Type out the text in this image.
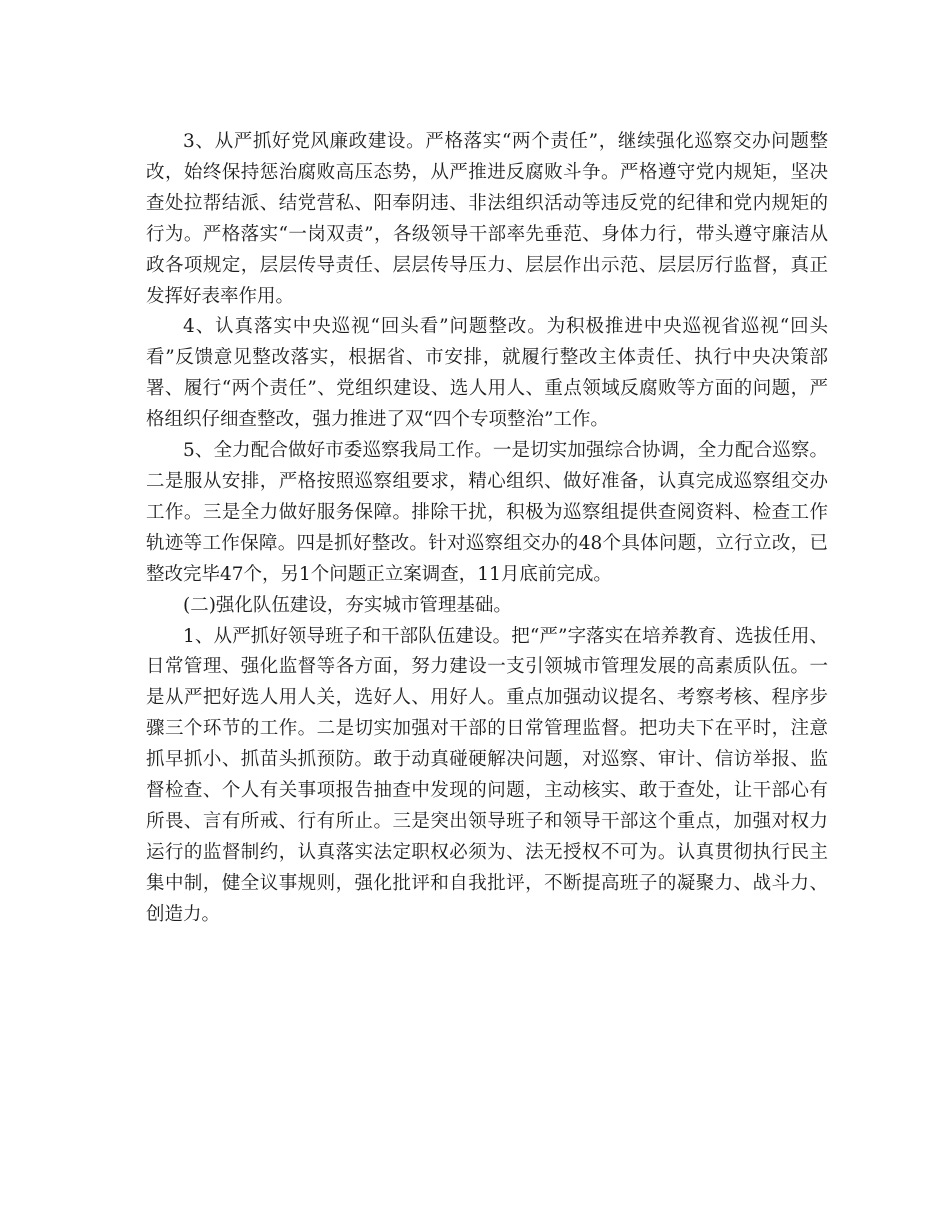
3、从严抓好党风廉政建设。严格落实“两个责任”，继续强化巡察交办问题整改，始终保持惩治腐败高压态势，从严推进反腐败斗争。严格遵守党内规矩，坚决查处拉帮结派、结党营私、阳奉阴违、非法组织活动等违反党的纪律和党内规矩的行为。严格落实“一岗双责”，各级领导干部率先垂范、身体力行，带头遵守廉洁从政各项规定，层层传导责任、层层传导压力、层层作出示范、层层厉行监督，真正发挥好表率作用。

4、认真落实中央巡视“回头看”问题整改。为积极推进中央巡视省巡视“回头看”反馈意见整改落实，根据省、市安排，就履行整改主体责任、执行中央决策部署、履行“两个责任”、党组织建设、选人用人、重点领域反腐败等方面的问题，严格组织仔细查整改，强力推进了双“四个专项整治”工作。

5、全力配合做好市委巡察我局工作。一是切实加强综合协调，全力配合巡察。二是服从安排，严格按照巡察组要求，精心组织、做好准备，认真完成巡察组交办工作。三是全力做好服务保障。排除干扰，积极为巡察组提供查阅资料、检查工作轨迹等工作保障。四是抓好整改。针对巡察组交办的48个具体问题，立行立改，已整改完毕47个，另1个问题正立案调查，11月底前完成。

(二)强化队伍建设，夯实城市管理基础。

1、从严抓好领导班子和干部队伍建设。把“严”字落实在培养教育、选拔任用、日常管理、强化监督等各方面，努力建设一支引领城市管理发展的高素质队伍。一是从严把好选人用人关，选好人、用好人。重点加强动议提名、考察考核、程序步骤三个环节的工作。二是切实加强对干部的日常管理监督。把功夫下在平时，注意抓早抓小、抓苗头抓预防。敢于动真碰硬解决问题，对巡察、审计、信访举报、监督检查、个人有关事项报告抽查中发现的问题，主动核实、敢于查处，让干部心有所畏、言有所戒、行有所止。三是突出领导班子和领导干部这个重点，加强对权力运行的监督制约，认真落实法定职权必须为、法无授权不可为。认真贯彻执行民主集中制，健全议事规则，强化批评和自我批评，不断提高班子的凝聚力、战斗力、创造力。
